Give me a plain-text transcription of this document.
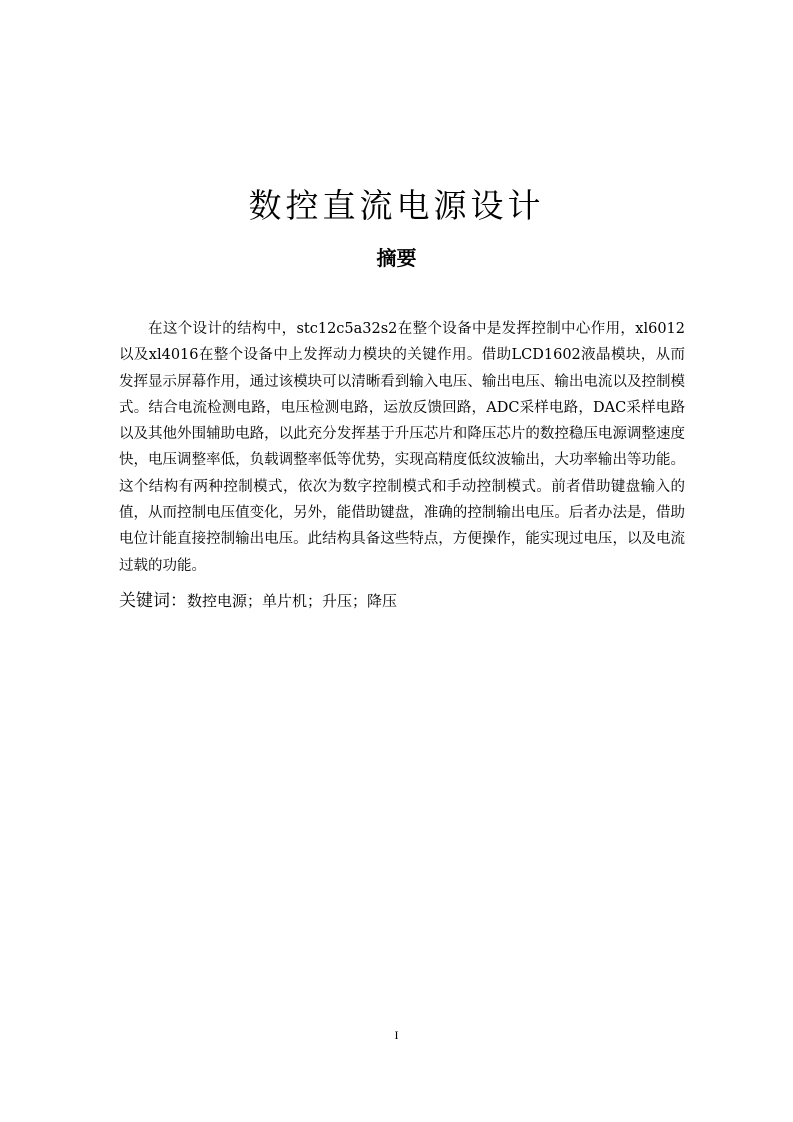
数控直流电源设计
摘要

在这个设计的结构中，stc12c5a32s2在整个设备中是发挥控制中心作用，xl6012以及xl4016在整个设备中上发挥动力模块的关键作用。借助LCD1602液晶模块，从而发挥显示屏幕作用，通过该模块可以清晰看到输入电压、输出电压、输出电流以及控制模式。结合电流检测电路，电压检测电路，运放反馈回路，ADC采样电路，DAC采样电路以及其他外围辅助电路，以此充分发挥基于升压芯片和降压芯片的数控稳压电源调整速度快，电压调整率低，负载调整率低等优势，实现高精度低纹波输出，大功率输出等功能。这个结构有两种控制模式，依次为数字控制模式和手动控制模式。前者借助键盘输入的值，从而控制电压值变化，另外，能借助键盘，准确的控制输出电压。后者办法是，借助电位计能直接控制输出电压。此结构具备这些特点，方便操作，能实现过电压，以及电流过载的功能。

关键词：数控电源；单片机；升压；降压
I
